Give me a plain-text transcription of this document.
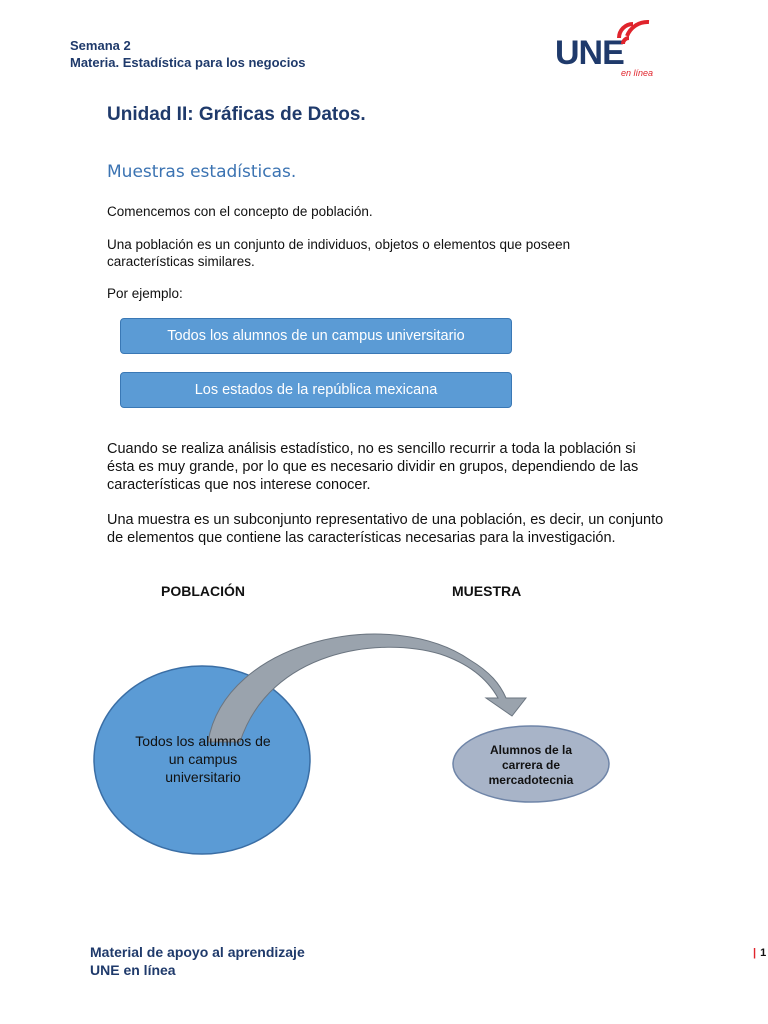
Semana 2
Materia. Estadística para los negocios	UNE
en línea
Unidad II: Gráficas de Datos.
Muestras estadísticas.

Comencemos con el concepto de población.

Una población es un conjunto de individuos, objetos o elementos que poseen características similares.

Por ejemplo:

Todos los alumnos de un campus universitario
Los estados de la república mexicana

Cuando se realiza análisis estadístico, no es sencillo recurrir a toda la población si ésta es muy grande, por lo que es necesario dividir en grupos, dependiendo de las características que nos interese conocer.

Una muestra es un subconjunto representativo de una población, es decir, un conjunto de elementos que contiene las características necesarias para la investigación.

POBLACIÓN	MUESTRA
Todos los alumnos de un campus universitario
Alumnos de la carrera de mercadotecnia
Material de apoyo al aprendizaje
UNE en línea
| 1
